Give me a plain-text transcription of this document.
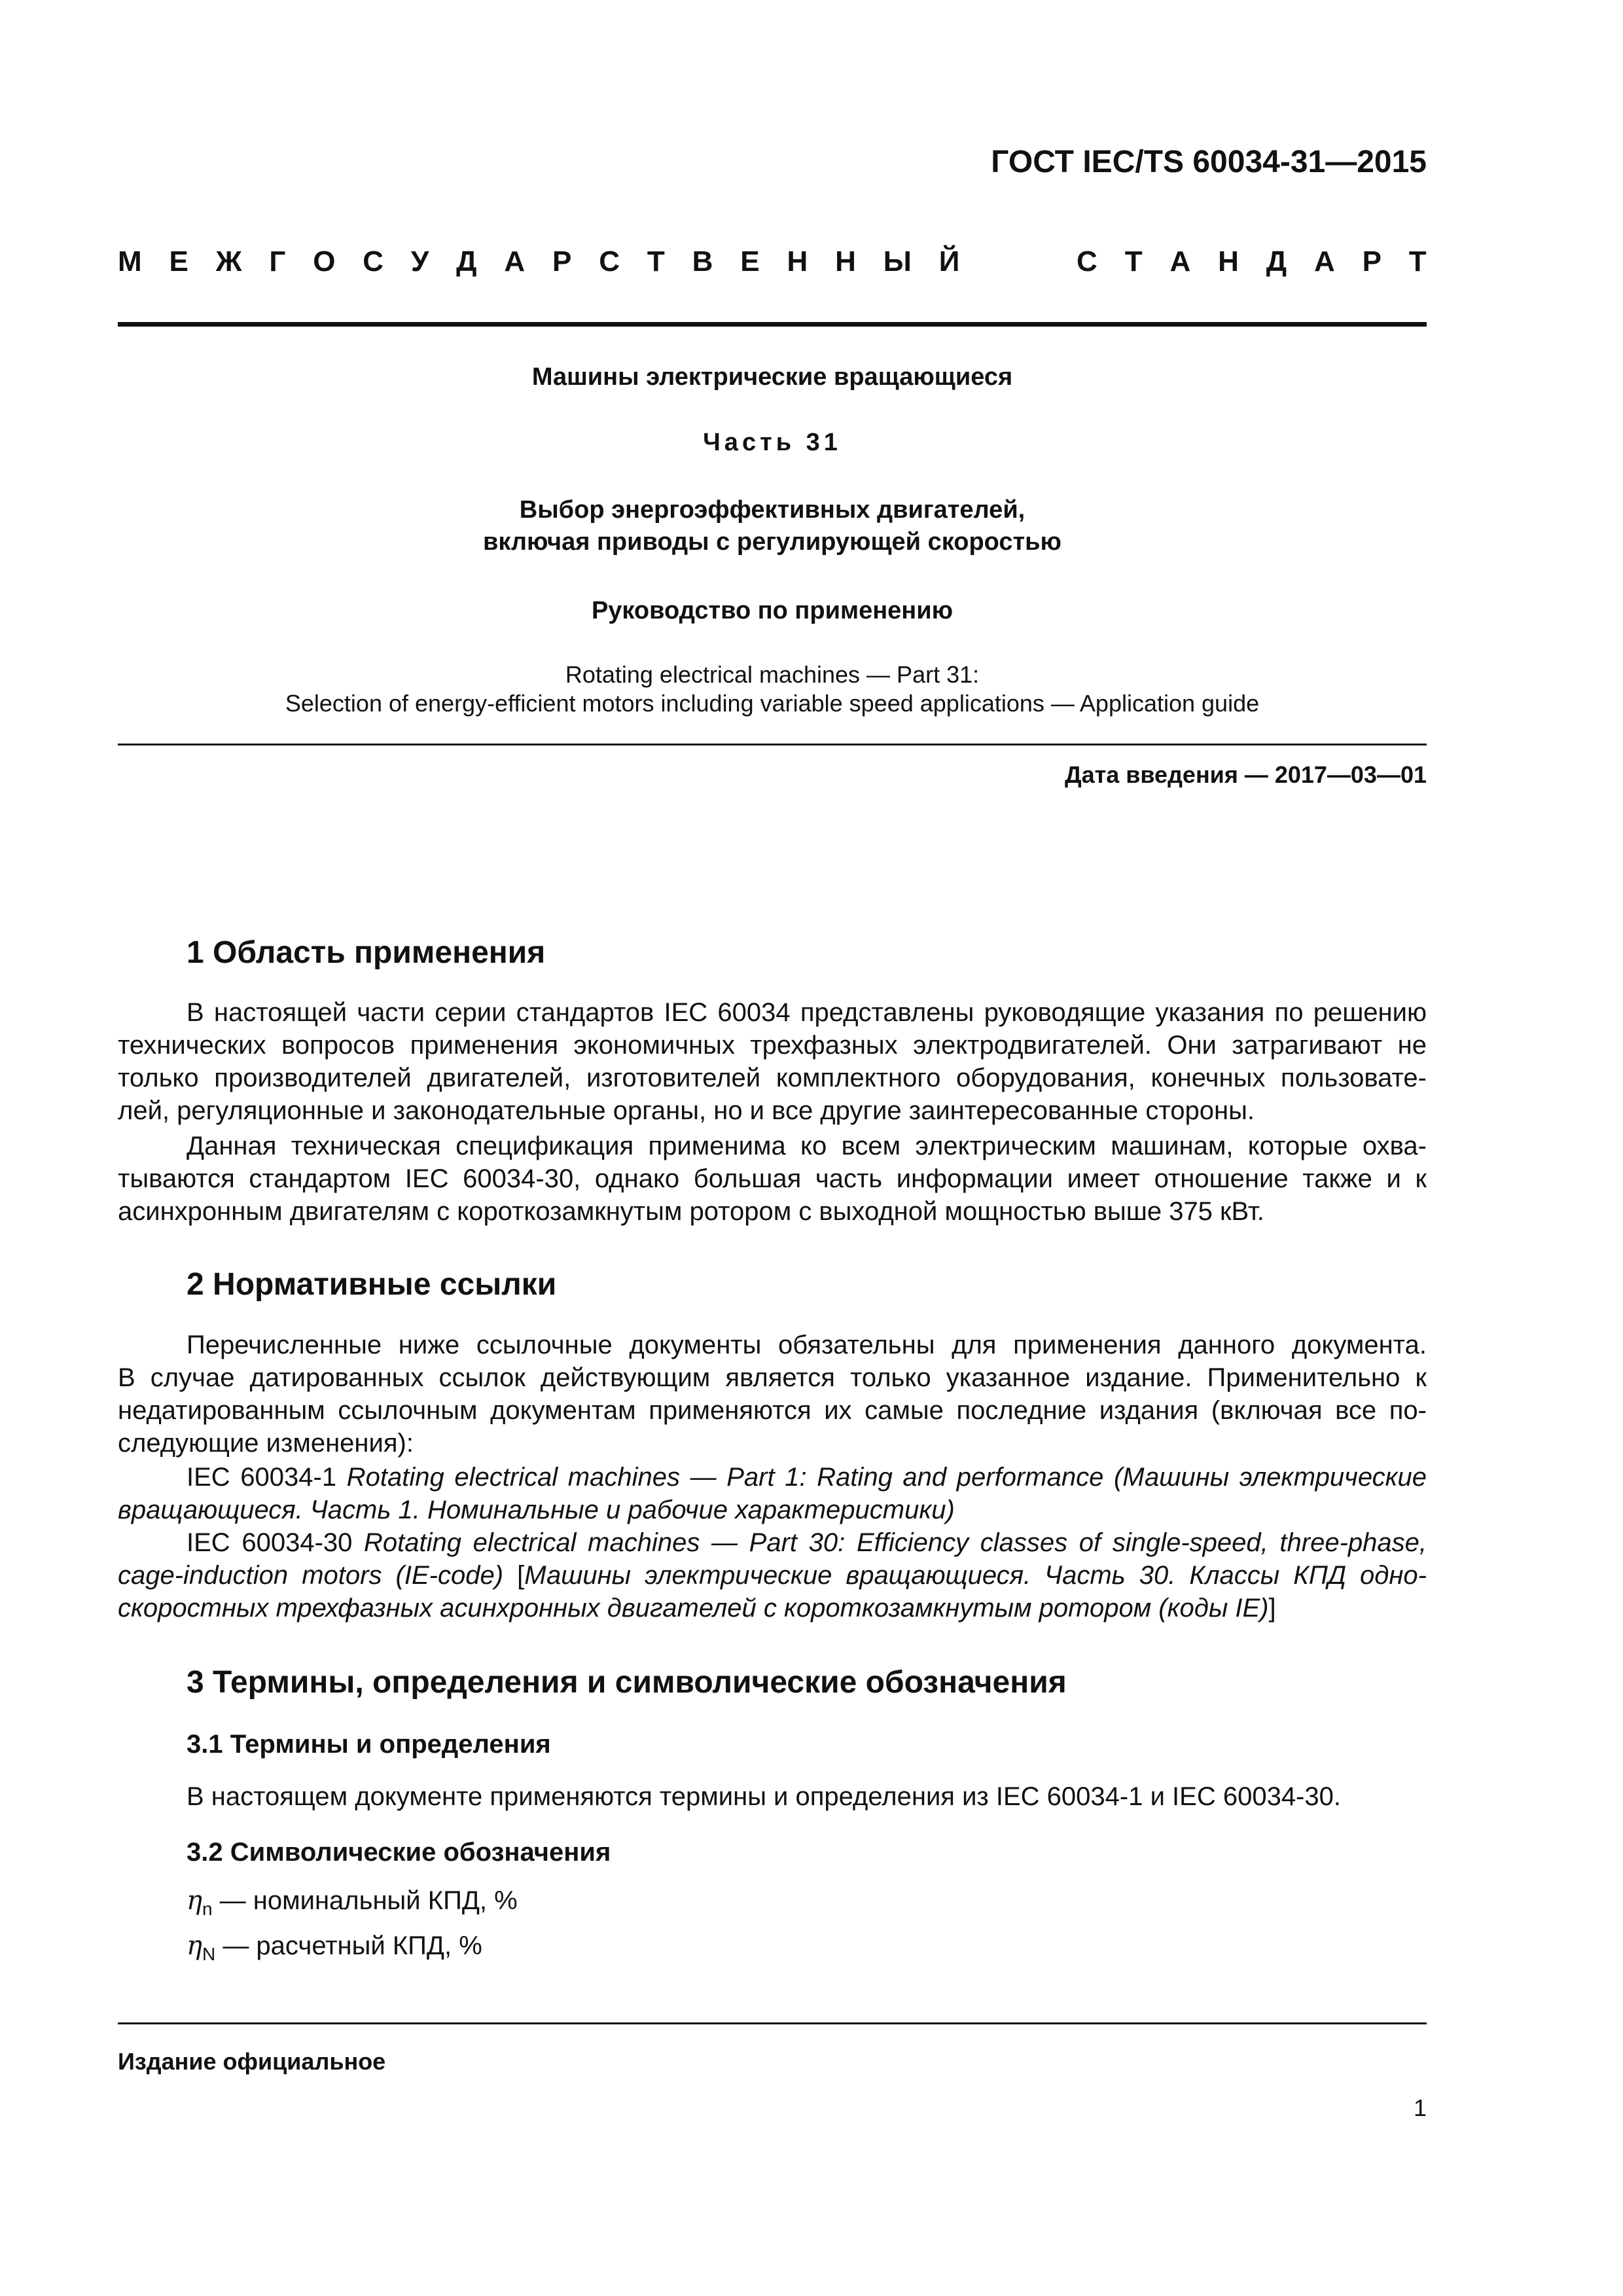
ГОСТ IEC/TS 60034-31—2015

М Е Ж Г О С У Д А Р С Т В Е Н Н Ы Й	С Т А Н Д А Р Т

Машины электрические вращающиеся

Часть 31

Выбор энергоэффективных двигателей,

включая приводы с регулирующей скоростью

Руководство по применению

Rotating electrical machines — Part 31:

Selection of energy-efficient motors including variable speed applications — Application guide

Дата введения — 2017—03—01

1 Область применения

В настоящей части серии стандартов IEC 60034 представлены руководящие указания по решению
технических вопросов применения экономичных трехфазных электродвигателей. Они затрагивают не
только производителей двигателей, изготовителей комплектного оборудования, конечных пользовате-
лей, регуляционные и законодательные органы, но и все другие заинтересованные стороны.
Данная техническая спецификация применима ко всем электрическим машинам, которые охва-
тываются стандартом IEC 60034-30, однако большая часть информации имеет отношение также и к
асинхронным двигателям с короткозамкнутым ротором с выходной мощностью выше 375 кВт.

2 Нормативные ссылки

Перечисленные ниже ссылочные документы обязательны для применения данного документа.
В случае датированных ссылок действующим является только указанное издание. Применительно к
недатированным ссылочным документам применяются их самые последние издания (включая все по-
следующие изменения):
IEC 60034-1 Rotating electrical machines — Part 1: Rating and performance (Машины электрические
вращающиеся. Часть 1. Номинальные и рабочие характеристики)
IEC 60034-30 Rotating electrical machines — Part 30: Efficiency classes of single-speed, three-phase,
cage-induction motors (IE-code) [Машины электрические вращающиеся. Часть 30. Классы КПД одно-
скоростных трехфазных асинхронных двигателей с короткозамкнутым ротором (коды IE)]

3 Термины, определения и символические обозначения

3.1 Термины и определения

В настоящем документе применяются термины и определения из IEC 60034-1 и IEC 60034-30.

3.2 Символические обозначения

$\eta_n$ — номинальный КПД, %
$\eta_N$ — расчетный КПД, %

Издание официальное

1
